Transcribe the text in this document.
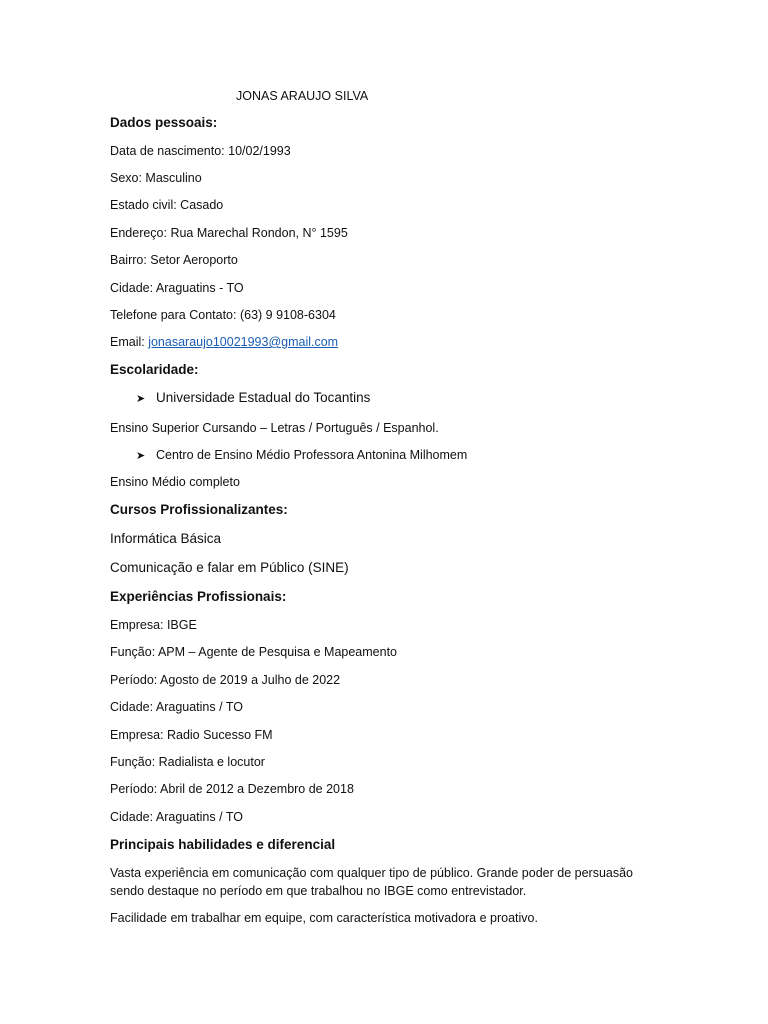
JONAS ARAUJO SILVA
Dados pessoais:
Data de nascimento: 10/02/1993
Sexo: Masculino
Estado civil: Casado
Endereço: Rua Marechal Rondon, N° 1595
Bairro: Setor Aeroporto
Cidade: Araguatins - TO
Telefone para Contato: (63) 9 9108-6304
Email: jonasaraujo10021993@gmail.com
Escolaridade:
➤ Universidade Estadual do Tocantins
Ensino Superior Cursando – Letras / Português / Espanhol.
➤ Centro de Ensino Médio Professora Antonina Milhomem
Ensino Médio completo
Cursos Profissionalizantes:
Informática Básica
Comunicação e falar em Público (SINE)
Experiências Profissionais:
Empresa: IBGE
Função: APM – Agente de Pesquisa e Mapeamento
Período: Agosto de 2019 a Julho de 2022
Cidade: Araguatins / TO
Empresa: Radio Sucesso FM
Função: Radialista e locutor
Período: Abril de 2012 a Dezembro de 2018
Cidade: Araguatins / TO
Principais habilidades e diferencial
Vasta experiência em comunicação com qualquer tipo de público. Grande poder de persuasão sendo destaque no período em que trabalhou no IBGE como entrevistador.
Facilidade em trabalhar em equipe, com característica motivadora e proativo.
